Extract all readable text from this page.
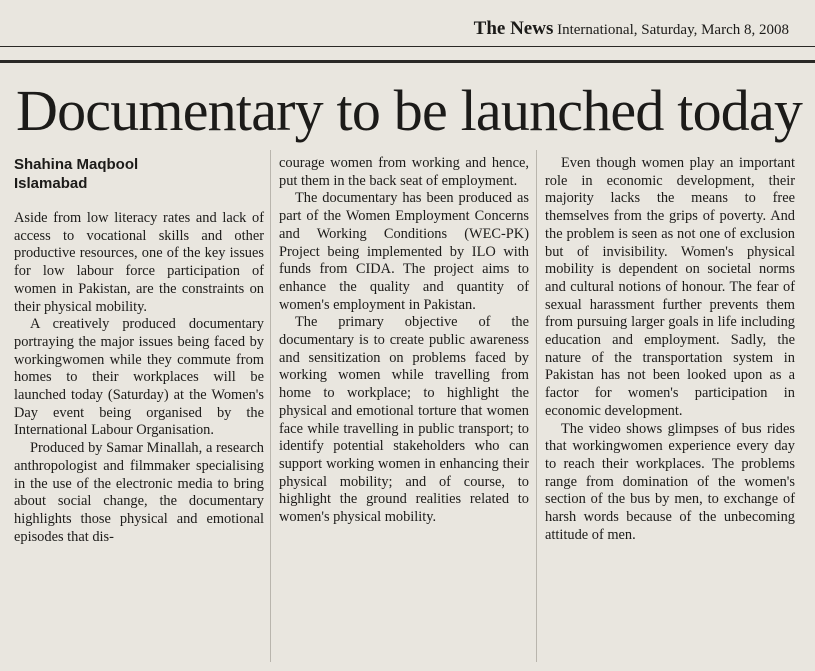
The News International, Saturday, March 8, 2008
Documentary to be launched today
Shahina Maqbool
Islamabad

Aside from low literacy rates and lack of access to vocational skills and other productive resources, one of the key issues for low labour force participation of women in Pakistan, are the constraints on their physical mobility.

A creatively produced documentary portraying the major issues being faced by workingwomen while they commute from homes to their workplaces will be launched today (Saturday) at the Women's Day event being organised by the International Labour Organisation.

Produced by Samar Minallah, a research anthropologist and filmmaker specialising in the use of the electronic media to bring about social change, the documentary highlights those physical and emotional episodes that dis-

courage women from working and hence, put them in the back seat of employment.

The documentary has been produced as part of the Women Employment Concerns and Working Conditions (WEC-PK) Project being implemented by ILO with funds from CIDA. The project aims to enhance the quality and quantity of women's employment in Pakistan.

The primary objective of the documentary is to create public awareness and sensitization on problems faced by working women while travelling from home to workplace; to highlight the physical and emotional torture that women face while travelling in public transport; to identify potential stakeholders who can support working women in enhancing their physical mobility; and of course, to highlight the ground realities related to women's physical mobility.

Even though women play an important role in economic development, their majority lacks the means to free themselves from the grips of poverty. And the problem is seen as not one of exclusion but of invisibility. Women's physical mobility is dependent on societal norms and cultural notions of honour. The fear of sexual harassment further prevents them from pursuing larger goals in life including education and employment. Sadly, the nature of the transportation system in Pakistan has not been looked upon as a factor for women's participation in economic development.

The video shows glimpses of bus rides that workingwomen experience every day to reach their workplaces. The problems range from domination of the women's section of the bus by men, to exchange of harsh words because of the unbecoming attitude of men.
